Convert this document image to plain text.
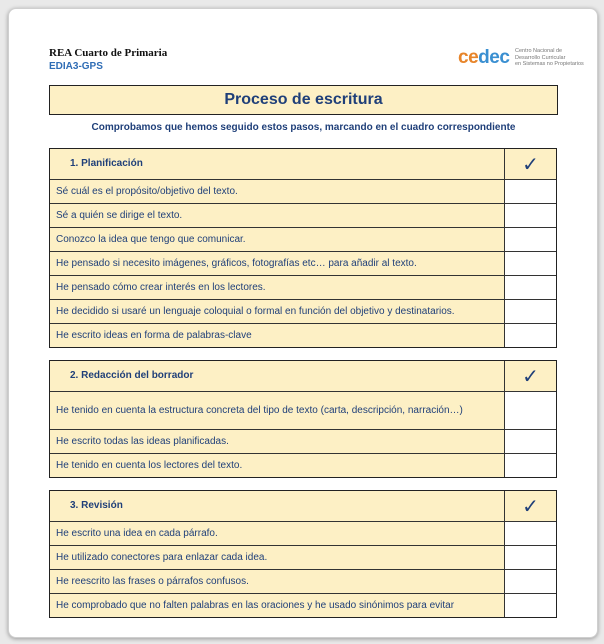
REA Cuarto de Primaria
EDIA3-GPS	cedec Centro Nacional de
Desarrollo Curricular
en Sistemas no Propietarios
Proceso de escritura
Comprobamos que hemos seguido estos pasos, marcando en el cuadro correspondiente
1. Planificación	✓
Sé cuál es el propósito/objetivo del texto.
Sé a quién se dirige el texto.
Conozco la idea que tengo que comunicar.
He pensado si necesito imágenes, gráficos, fotografías etc… para añadir al texto.
He pensado cómo crear interés en los lectores.
He decidido si usaré un lenguaje coloquial o formal en función del objetivo y destinatarios.
He escrito ideas en forma de palabras-clave
2. Redacción del borrador	✓
He tenido en cuenta la estructura concreta del tipo de texto (carta, descripción, narración…)
He escrito todas las ideas planificadas.
He tenido en cuenta los lectores del texto.
3. Revisión	✓
He escrito una idea en cada párrafo.
He utilizado conectores para enlazar cada idea.
He reescrito las frases o párrafos confusos.
He comprobado que no falten palabras en las oraciones y he usado sinónimos para evitar
